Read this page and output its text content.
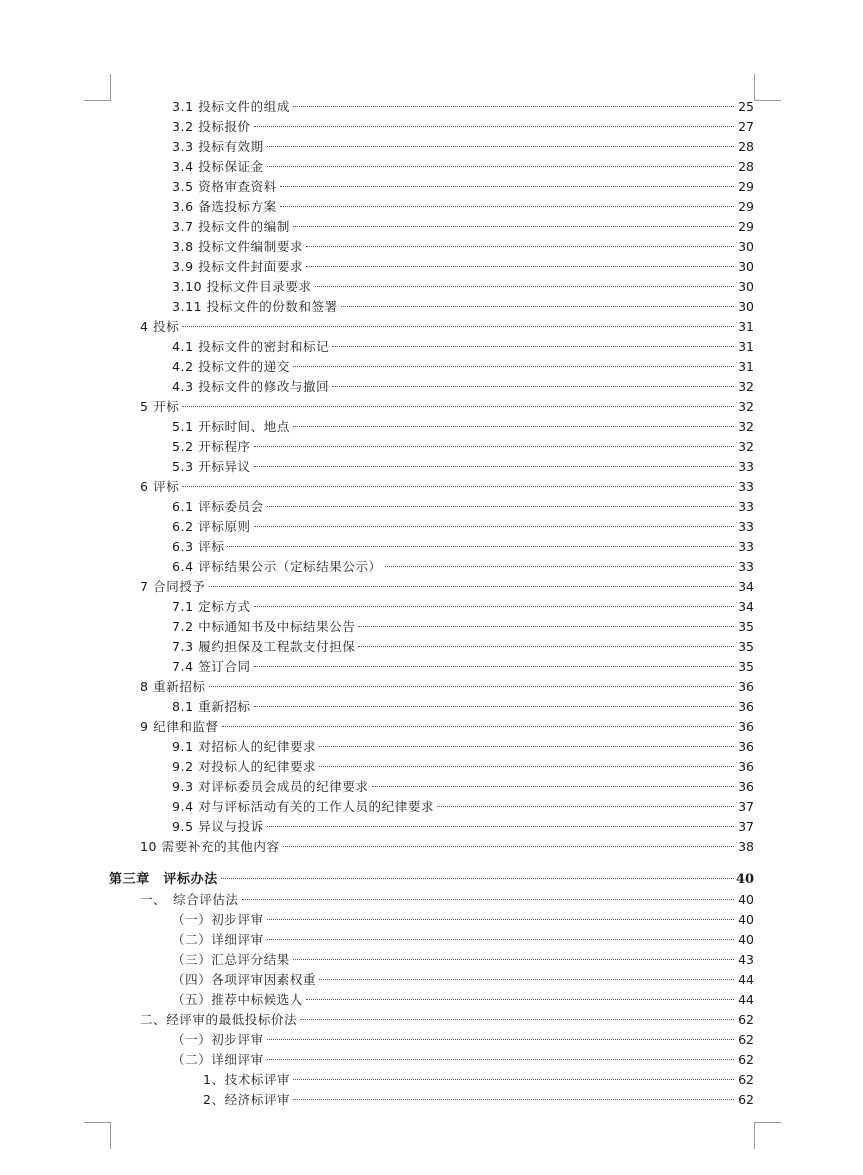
3.1 投标文件的组成	25
3.2 投标报价	27
3.3 投标有效期	28
3.4 投标保证金	28
3.5 资格审查资料	29
3.6 备选投标方案	29
3.7 投标文件的编制	29
3.8 投标文件编制要求	30
3.9 投标文件封面要求	30
3.10 投标文件目录要求	30
3.11 投标文件的份数和签署	30
4 投标	31
4.1 投标文件的密封和标记	31
4.2 投标文件的递交	31
4.3 投标文件的修改与撤回	32
5 开标	32
5.1 开标时间、地点	32
5.2 开标程序	32
5.3 开标异议	33
6 评标	33
6.1 评标委员会	33
6.2 评标原则	33
6.3 评标	33
6.4 评标结果公示（定标结果公示）	33
7 合同授予	34
7.1 定标方式	34
7.2 中标通知书及中标结果公告	35
7.3 履约担保及工程款支付担保	35
7.4 签订合同	35
8 重新招标	36
8.1 重新招标	36
9 纪律和监督	36
9.1 对招标人的纪律要求	36
9.2 对投标人的纪律要求	36
9.3 对评标委员会成员的纪律要求	36
9.4 对与评标活动有关的工作人员的纪律要求	37
9.5 异议与投诉	37
10 需要补充的其他内容	38
第三章　评标办法	40
一、　综合评估法	40
（一）初步评审	40
（二）详细评审	40
（三）汇总评分结果	43
（四）各项评审因素权重	44
（五）推荐中标候选人	44
二、经评审的最低投标价法	62
（一）初步评审	62
（二）详细评审	62
1、技术标评审	62
2、经济标评审	62
